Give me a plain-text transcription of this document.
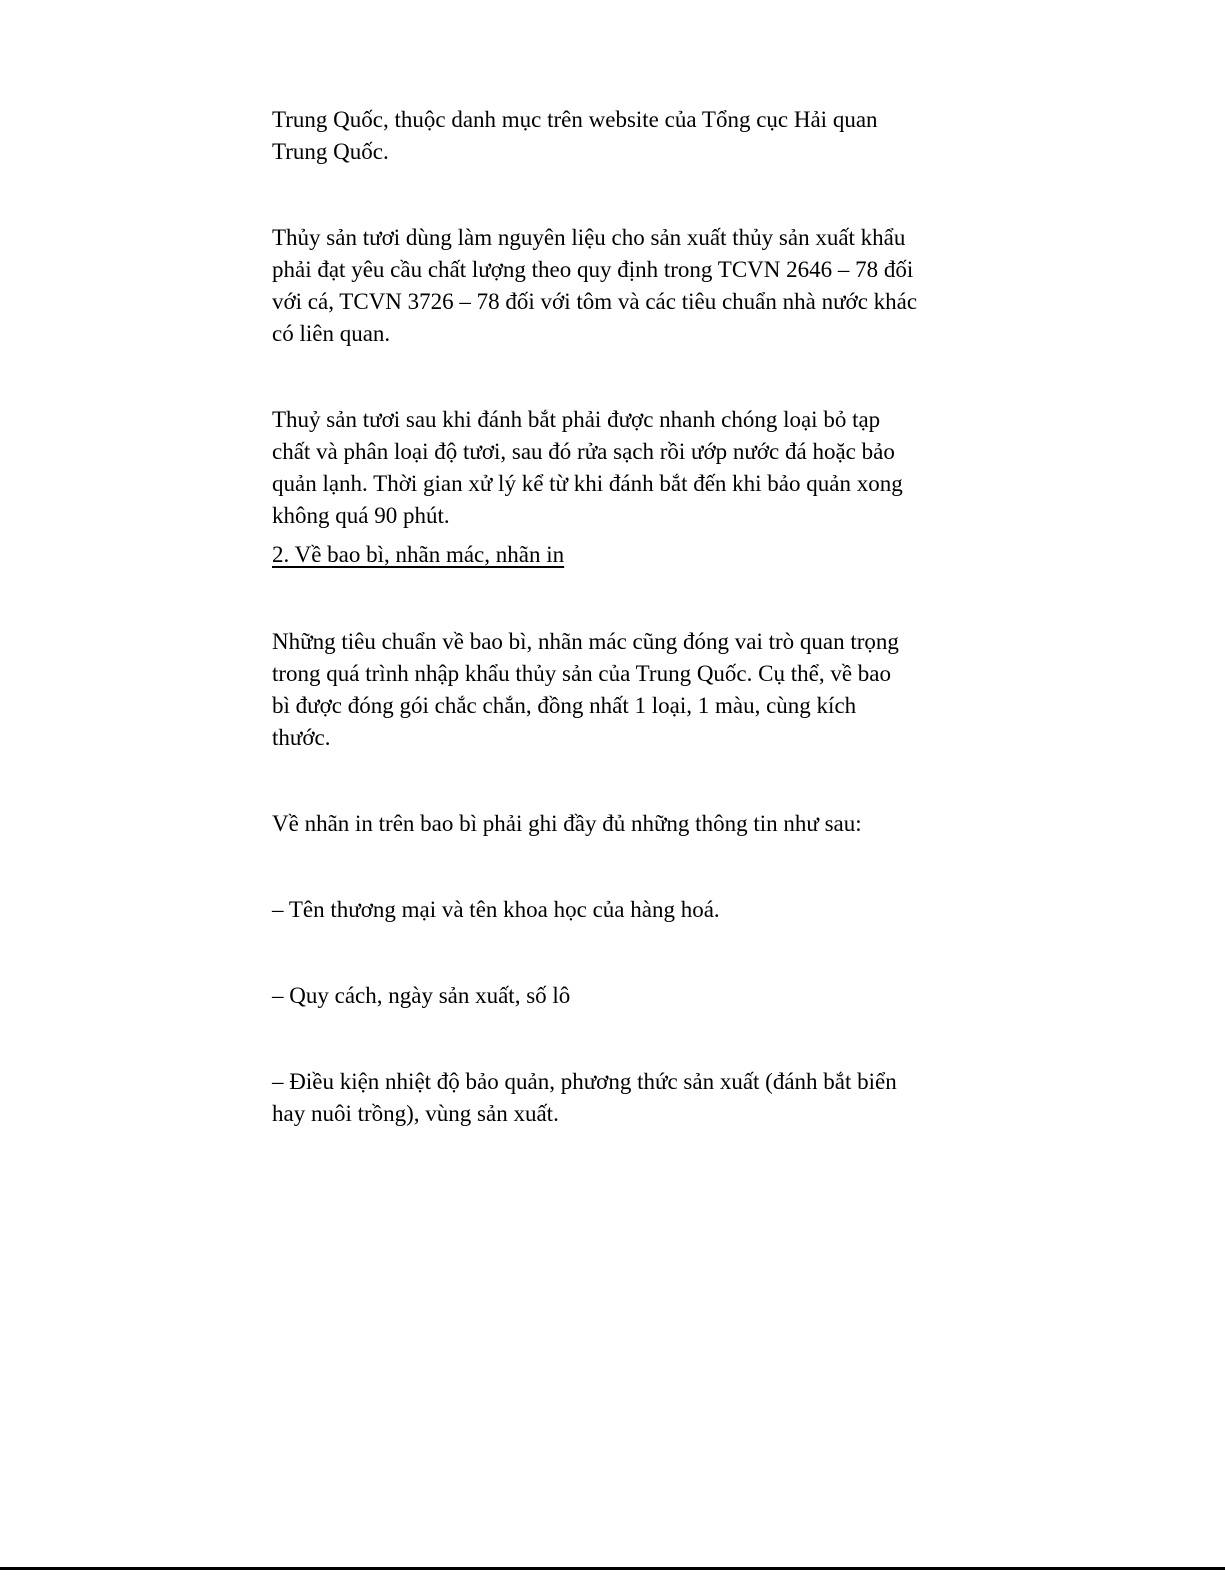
Trung Quốc, thuộc danh mục trên website của Tổng cục Hải quan
Trung Quốc.

Thủy sản tươi dùng làm nguyên liệu cho sản xuất thủy sản xuất khẩu
phải đạt yêu cầu chất lượng theo quy định trong TCVN 2646 – 78 đối
với cá, TCVN 3726 – 78 đối với tôm và các tiêu chuẩn nhà nước khác
có liên quan.

Thuỷ sản tươi sau khi đánh bắt phải được nhanh chóng loại bỏ tạp
chất và phân loại độ tươi, sau đó rửa sạch rồi ướp nước đá hoặc bảo
quản lạnh. Thời gian xử lý kể từ khi đánh bắt đến khi bảo quản xong
không quá 90 phút.

2. Về bao bì, nhãn mác, nhãn in

Những tiêu chuẩn về bao bì, nhãn mác cũng đóng vai trò quan trọng
trong quá trình nhập khẩu thủy sản của Trung Quốc. Cụ thể, về bao
bì được đóng gói chắc chắn, đồng nhất 1 loại, 1 màu, cùng kích
thước.

Về nhãn in trên bao bì phải ghi đầy đủ những thông tin như sau:

– Tên thương mại và tên khoa học của hàng hoá.

– Quy cách, ngày sản xuất, số lô

– Điều kiện nhiệt độ bảo quản, phương thức sản xuất (đánh bắt biển
hay nuôi trồng), vùng sản xuất.
